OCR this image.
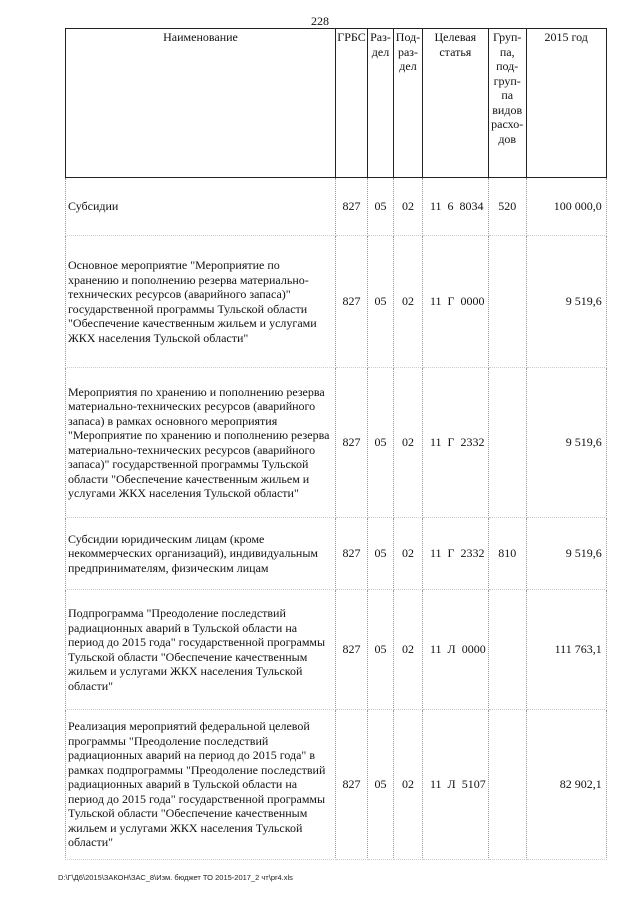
228
Наименование	ГРБС	Раз-дел	Под-раз-дел	Целевая статья	Груп-па, под-груп-па видов расхо-дов	2015 год
Субсидии	827	05	02	11  6  8034	520	100 000,0
Основное мероприятие "Мероприятие по хранению и пополнению резерва материально-технических ресурсов (аварийного запаса)" государственной программы Тульской области "Обеспечение качественным жильем и услугами ЖКХ населения Тульской области"	827	05	02	11  Г  0000		9 519,6
Мероприятия по хранению и пополнению резерва материально-технических ресурсов (аварийного запаса) в рамках основного мероприятия "Мероприятие по хранению и пополнению резерва материально-технических ресурсов (аварийного запаса)" государственной программы Тульской области "Обеспечение качественным жильем и услугами ЖКХ населения Тульской области"	827	05	02	11  Г  2332		9 519,6
Субсидии юридическим лицам (кроме некоммерческих организаций), индивидуальным предпринимателям, физическим лицам	827	05	02	11  Г  2332	810	9 519,6
Подпрограмма "Преодоление последствий радиационных аварий в Тульской области на период до 2015 года" государственной программы Тульской области "Обеспечение качественным жильем и услугами ЖКХ населения Тульской области"	827	05	02	11  Л  0000		111 763,1
Реализация мероприятий федеральной целевой программы "Преодоление последствий радиационных аварий на период до 2015 года" в рамках подпрограммы "Преодоление последствий радиационных аварий в Тульской области на период до 2015 года" государственной программы Тульской области "Обеспечение качественным жильем и услугами ЖКХ населения Тульской области"	827	05	02	11  Л  5107		82 902,1
D:\Г\Д6\2015\ЗАКОН\ЗАС_8\Изм. бюджет ТО 2015-2017_2 чт\pr4.xls
